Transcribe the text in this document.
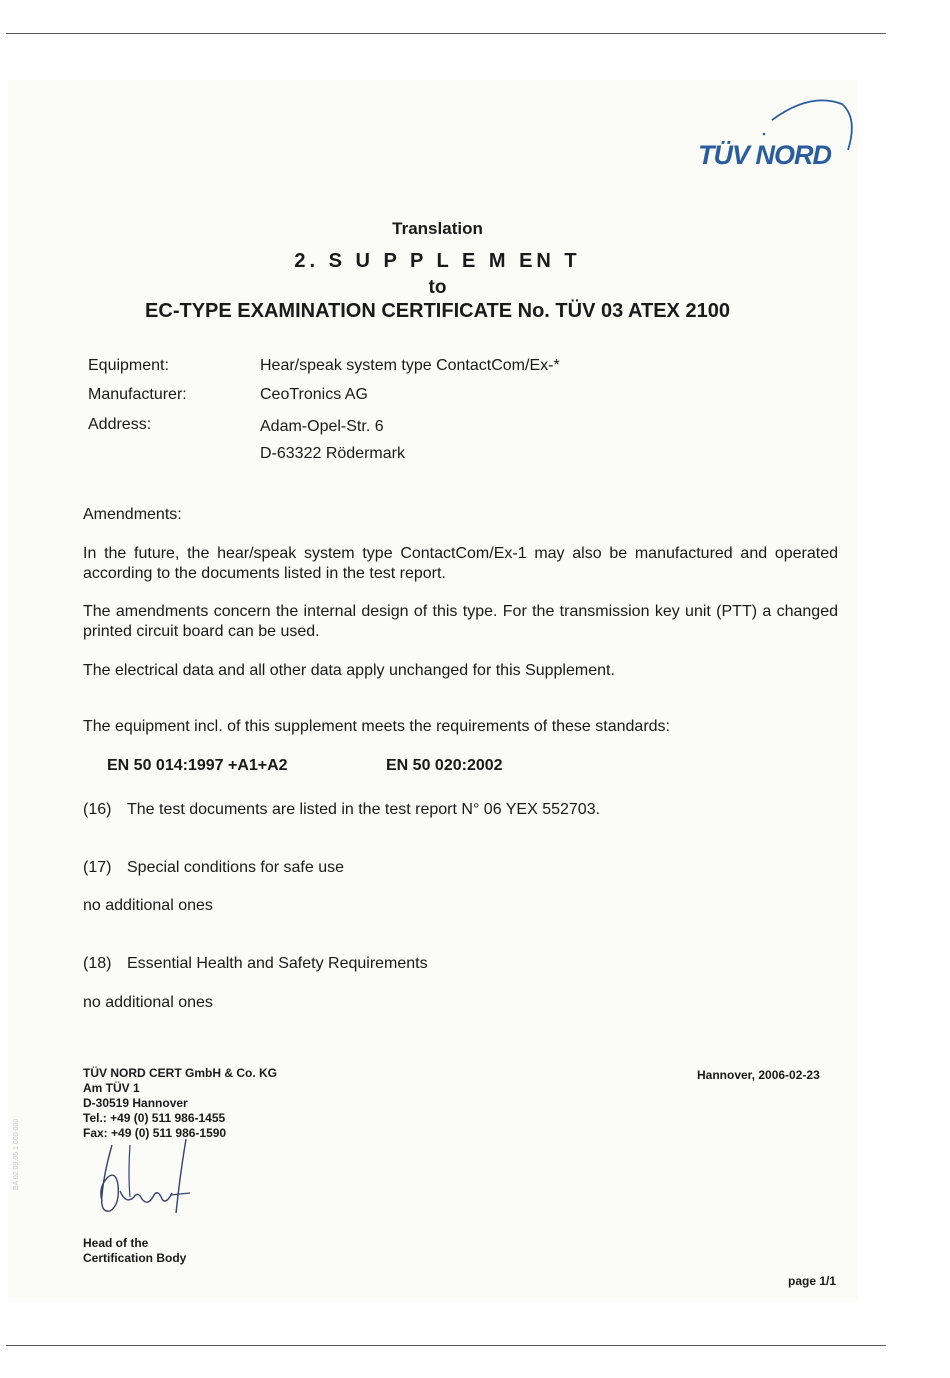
TÜV NORD
Translation
2. S U P P L E M EN T
to
EC-TYPE EXAMINATION CERTIFICATE No. TÜV 03 ATEX 2100
Equipment:	Hear/speak system type ContactCom/Ex-*
Manufacturer:	CeoTronics AG
Address:	Adam-Opel-Str. 6
D-63322 Rödermark
Amendments:
In the future, the hear/speak system type ContactCom/Ex-1 may also be manufactured and operated according to the documents listed in the test report.
The amendments concern the internal design of this type. For the transmission key unit (PTT) a changed printed circuit board can be used.
The electrical data and all other data apply unchanged for this Supplement.
The equipment incl. of this supplement meets the requirements of these standards:
EN 50 014:1997 +A1+A2	EN 50 020:2002
(16) The test documents are listed in the test report N° 06 YEX 552703.
(17) Special conditions for safe use
no additional ones
(18) Essential Health and Safety Requirements
no additional ones
TÜV NORD CERT GmbH & Co. KG
Am TÜV 1
D-30519 Hannover
Tel.: +49 (0) 511 986-1455
Fax: +49 (0) 511 986-1590
Hannover, 2006-02-23
Head of the
Certification Body
page 1/1
BA 02 09.05 1 000 000
